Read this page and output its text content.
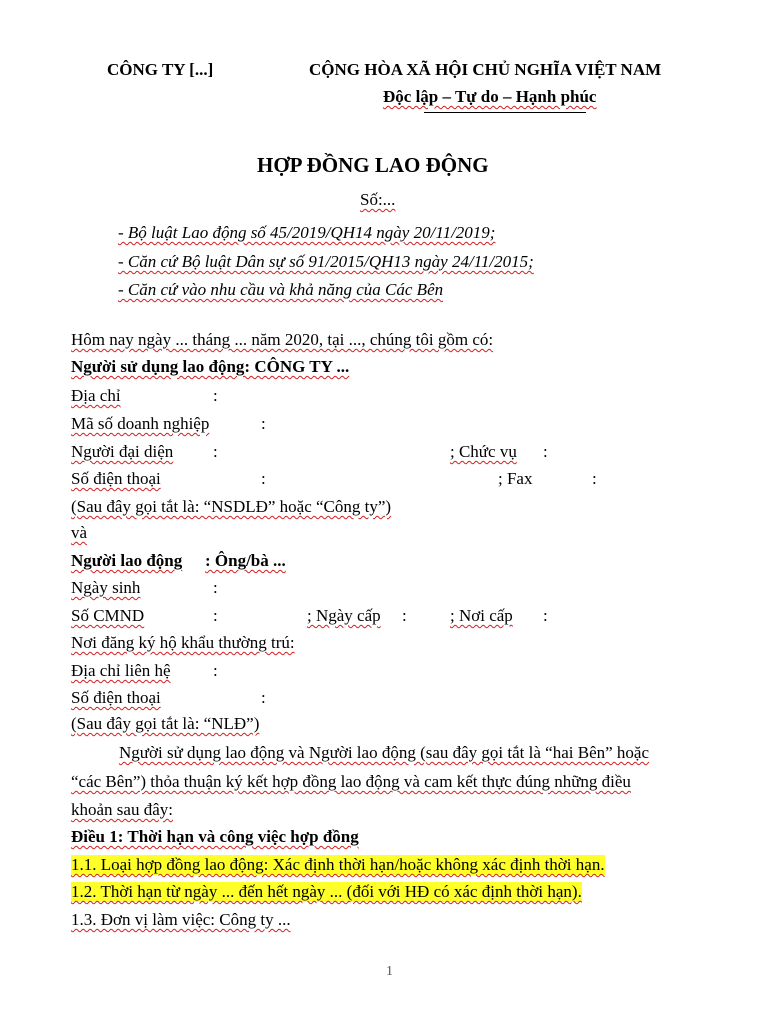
CÔNG TY [...]	CỘNG HÒA XÃ HỘI CHỦ NGHĨA VIỆT NAM
Độc lập – Tự do – Hạnh phúc
HỢP ĐỒNG LAO ĐỘNG
Số:...
- Bộ luật Lao động số 45/2019/QH14 ngày 20/11/2019;
- Căn cứ Bộ luật Dân sự số 91/2015/QH13 ngày 24/11/2015;
- Căn cứ vào nhu cầu và khả năng của Các Bên
Hôm nay ngày ... tháng ... năm 2020, tại ..., chúng tôi gồm có:
Người sử dụng lao động: CÔNG TY ...
Địa chỉ	:
Mã số doanh nghiệp	:
Người đại diện :	; Chức vụ :
Số điện thoại	:	; Fax	:
(Sau đây gọi tắt là: “NSDLĐ” hoặc “Công ty”)
và
Người lao động : Ông/bà ...
Ngày sinh	:
Số CMND	:	; Ngày cấp :	; Nơi cấp :
Nơi đăng ký hộ khẩu thường trú:
Địa chỉ liên hệ :
Số điện thoại	:
(Sau đây gọi tắt là: “NLĐ”)
Người sử dụng lao động và Người lao động (sau đây gọi tắt là “hai Bên” hoặc
“các Bên”) thỏa thuận ký kết hợp đồng lao động và cam kết thực đúng những điều
khoản sau đây:
Điều 1: Thời hạn và công việc hợp đồng
1.1. Loại hợp đồng lao động: Xác định thời hạn/hoặc không xác định thời hạn.
1.2. Thời hạn từ ngày ... đến hết ngày ... (đối với HĐ có xác định thời hạn).
1.3. Đơn vị làm việc: Công ty ...
1
